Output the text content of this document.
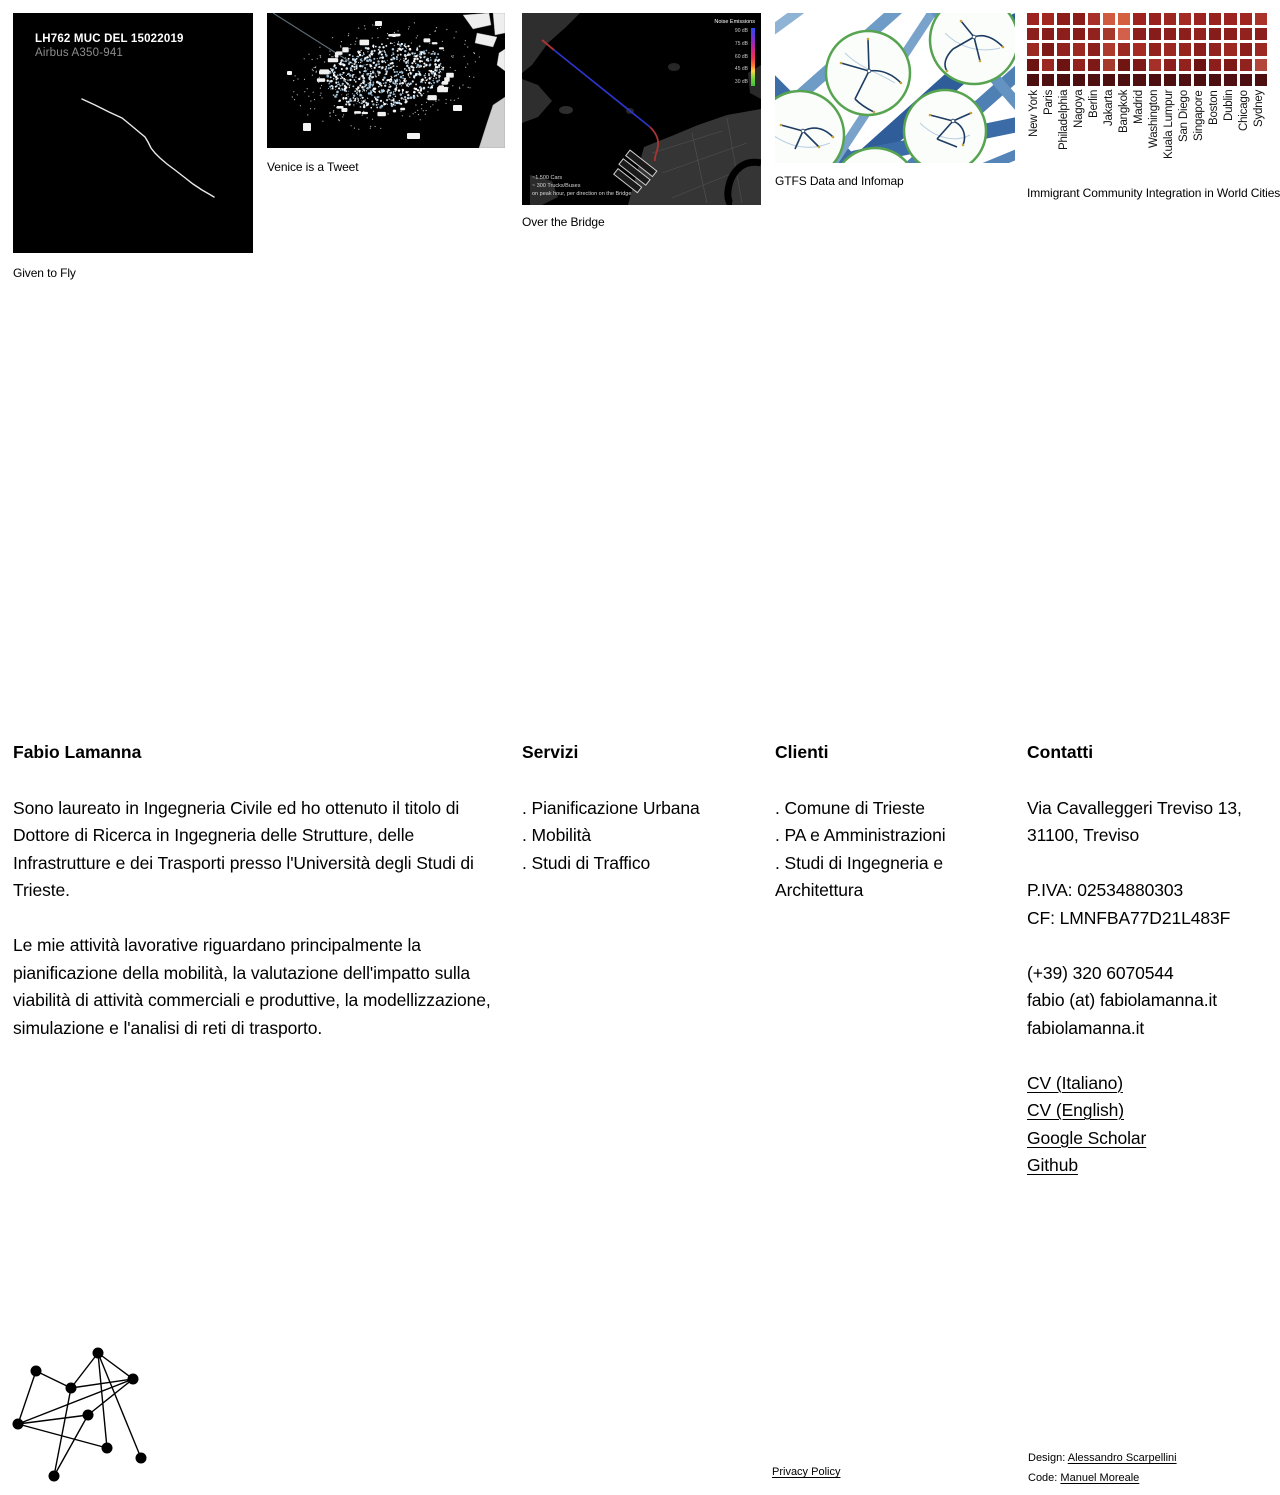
LH762 MUC DEL 15022019
Airbus A350-941
Given to Fly
Venice is a Tweet
Noise Emissions
90 dB
75 dB
60 dB
45 dB
30 dB
~1.500 Cars
~ 300 Trucks/Buses
on peak hour, per direction on the Bridge
Over the Bridge
GTFS Data and Infomap
New York Paris Philadelphia Nagoya Berlin Jakarta Bangkok Madrid Washington Kuala Lumpur San Diego Singapore Boston Dublin Chicago Sydney
Immigrant Community Integration in World Cities
Fabio Lamanna

Sono laureato in Ingegneria Civile ed ho ottenuto il titolo di Dottore di Ricerca in Ingegneria delle Strutture, delle Infrastrutture e dei Trasporti presso l'Università degli Studi di Trieste.

Le mie attività lavorative riguardano principalmente la pianificazione della mobilità, la valutazione dell'impatto sulla viabilità di attività commerciali e produttive, la modellizzazione, simulazione e l'analisi di reti di trasporto.

Servizi
. Pianificazione Urbana
. Mobilità
. Studi di Traffico
Clienti
. Comune di Trieste
. PA e Amministrazioni
. Studi di Ingegneria e Architettura
Contatti
Via Cavalleggeri Treviso 13,
31100, Treviso
P.IVA: 02534880303
CF: LMNFBA77D21L483F
(+39) 320 6070544
fabio (at) fabiolamanna.it
fabiolamanna.it
CV (Italiano)
CV (English)
Google Scholar
Github
Privacy Policy
Design: Alessandro Scarpellini
Code: Manuel Moreale
